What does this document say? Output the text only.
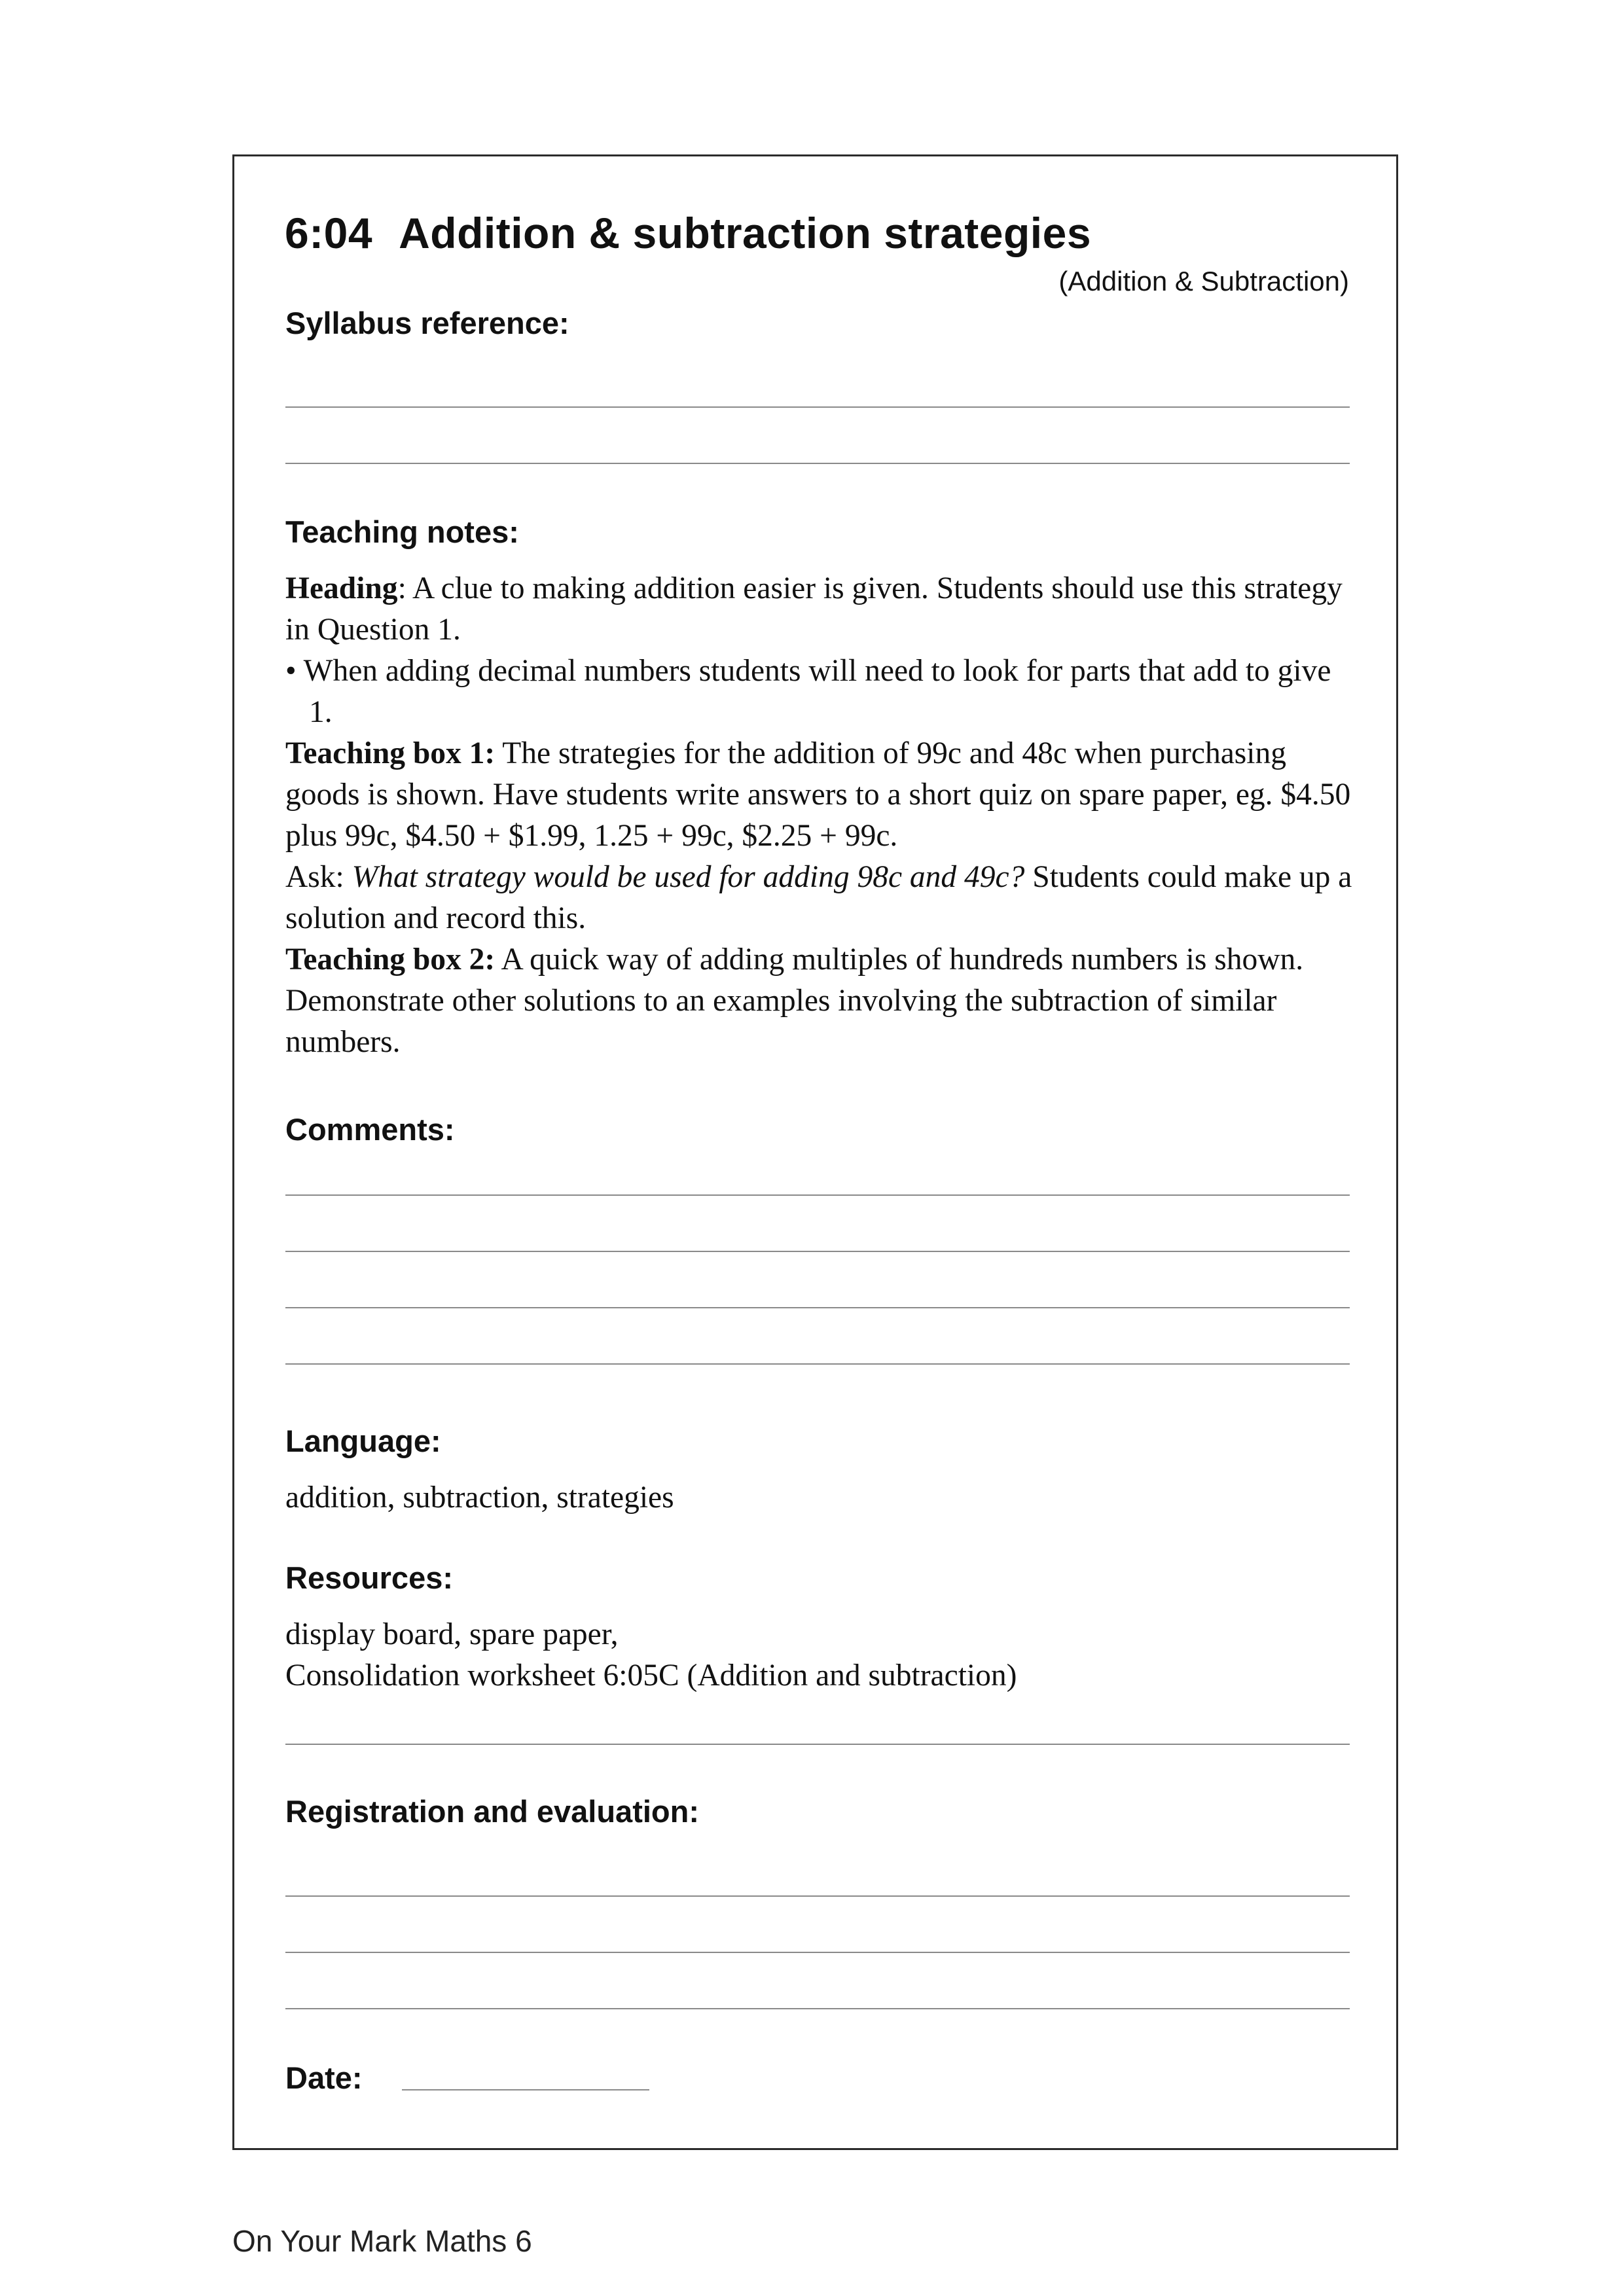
6:04 Addition & subtraction strategies
(Addition & Subtraction)
Syllabus reference:
Teaching notes:

Heading: A clue to making addition easier is given. Students should use this strategy in Question 1.

• When adding decimal numbers students will need to look for parts that add to give 1.

Teaching box 1: The strategies for the addition of 99c and 48c when purchasing goods is shown. Have students write answers to a short quiz on spare paper, eg. $4.50 plus 99c, $4.50 + $1.99, 1.25 + 99c, $2.25 + 99c.

Ask: What strategy would be used for adding 98c and 49c? Students could make up a solution and record this.

Teaching box 2: A quick way of adding multiples of hundreds numbers is shown. Demonstrate other solutions to an examples involving the subtraction of similar numbers.

Comments:
Language:
addition, subtraction, strategies
Resources:

display board, spare paper,

Consolidation worksheet 6:05C (Addition and subtraction)

Registration and evaluation:
Date:
On Your Mark Maths 6
